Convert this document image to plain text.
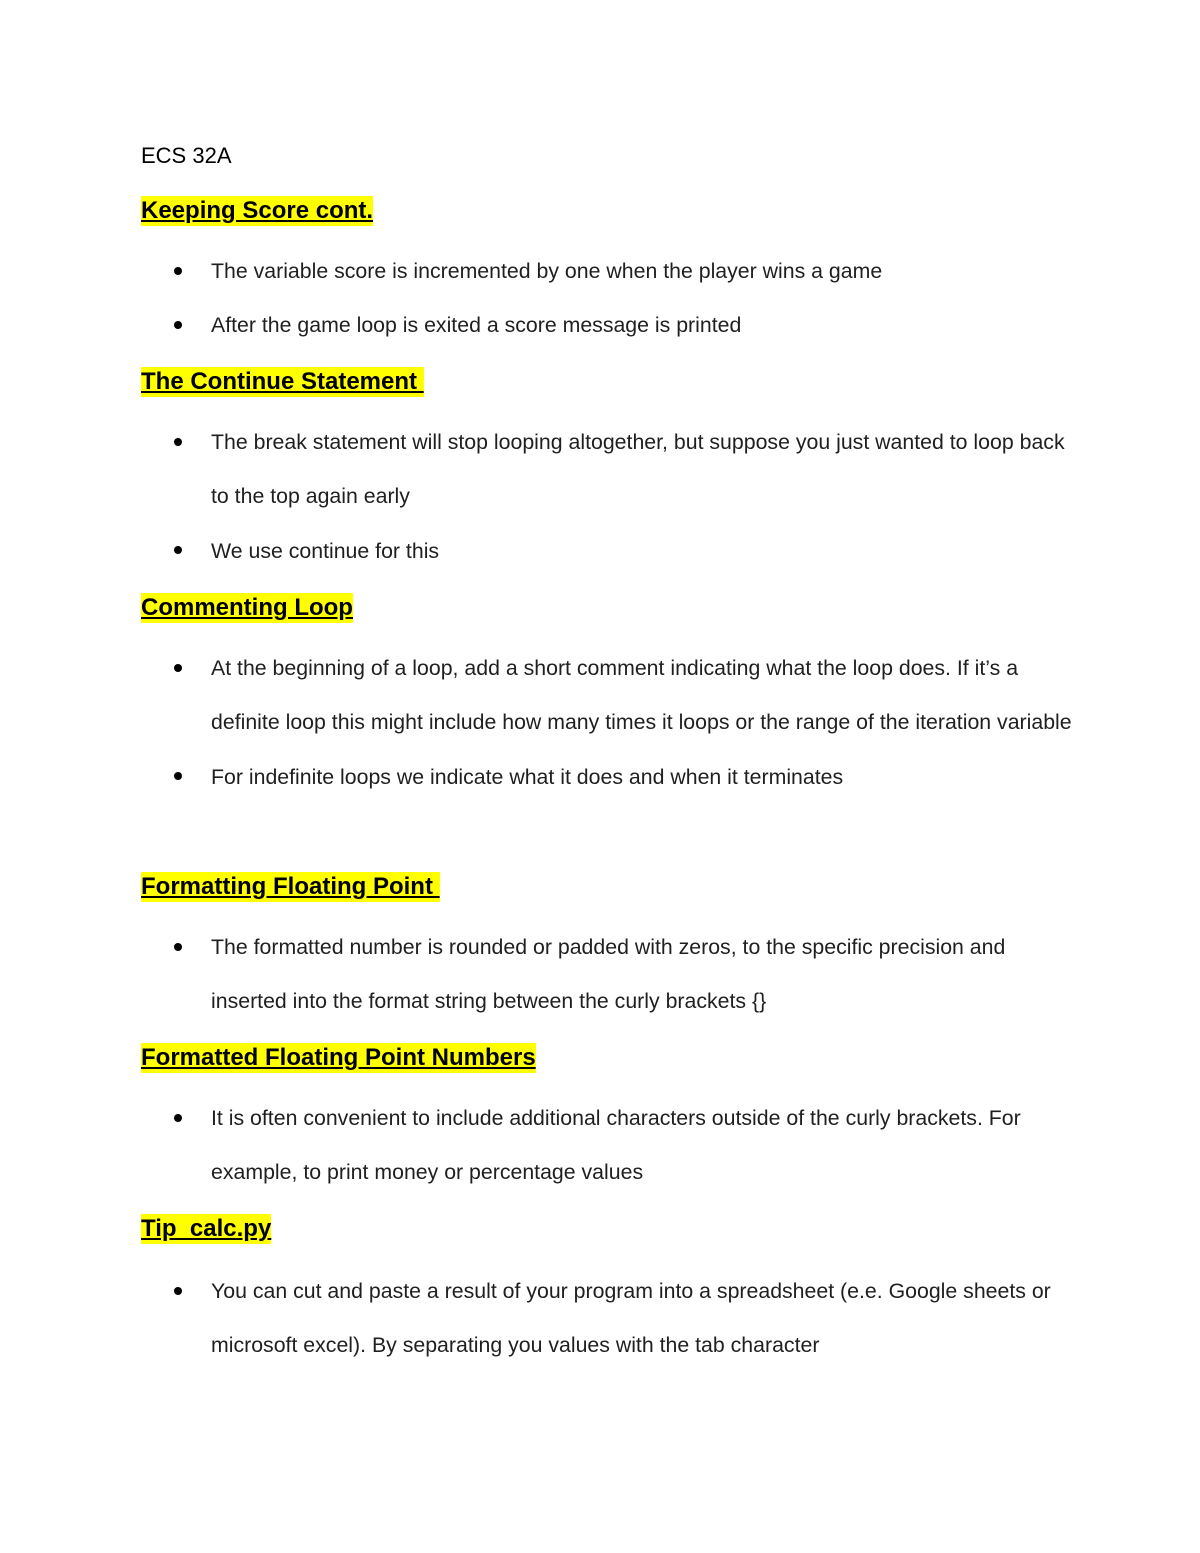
ECS 32A
Keeping Score cont.
The variable score is incremented by one when the player wins a game
After the game loop is exited a score message is printed
The Continue Statement
The break statement will stop looping altogether, but suppose you just wanted to loop back to the top again early
We use continue for this
Commenting Loop
At the beginning of a loop, add a short comment indicating what the loop does. If it’s a definite loop this might include how many times it loops or the range of the iteration variable
For indefinite loops we indicate what it does and when it terminates
Formatting Floating Point
The formatted number is rounded or padded with zeros, to the specific precision and inserted into the format string between the curly brackets {}
Formatted Floating Point Numbers
It is often convenient to include additional characters outside of the curly brackets. For example, to print money or percentage values
Tip_calc.py
You can cut and paste a result of your program into a spreadsheet (e.e. Google sheets or microsoft excel). By separating you values with the tab character
